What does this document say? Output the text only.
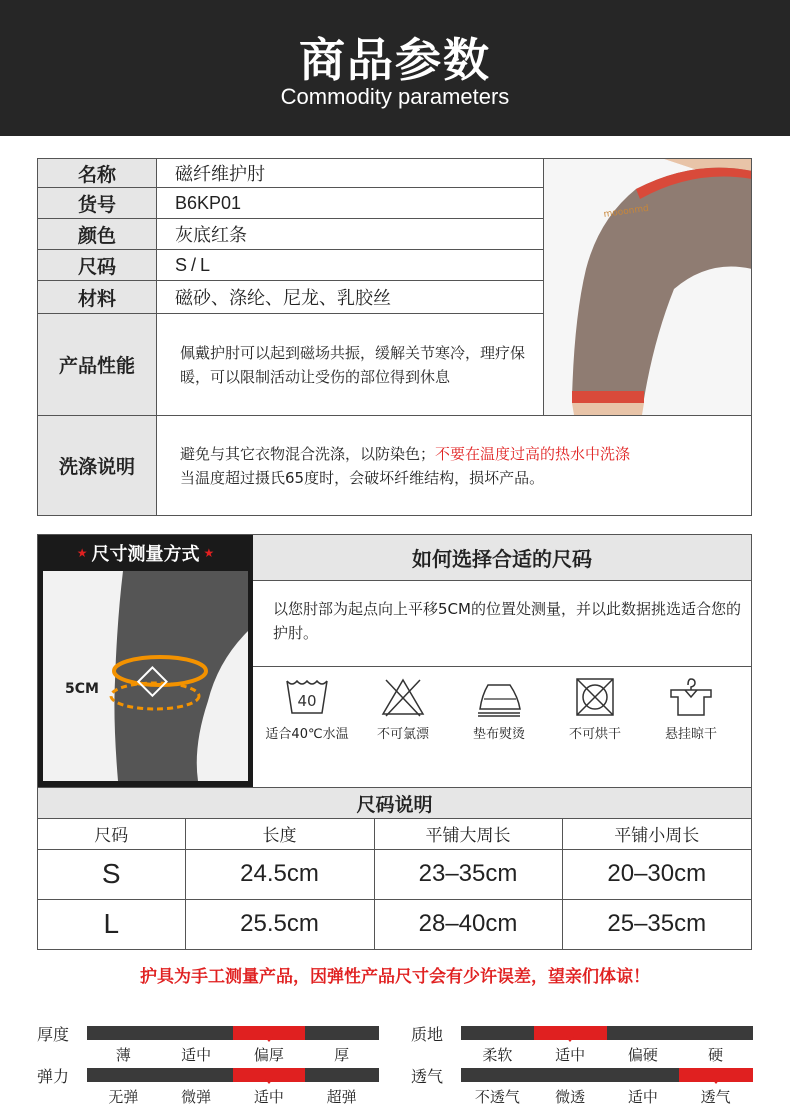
商品参数
Commodity parameters
名称	磁纤维护肘
货号	B6KP01
颜色	灰底红条
尺码	S/L
材料	磁砂、涤纶、尼龙、乳胶丝
产品性能
佩戴护肘可以起到磁场共振，缓解关节寒冷，理疗保暖，可以限制活动让受伤的部位得到休息
mooonmd
洗涤说明
避免与其它衣物混合洗涤，以防染色；不要在温度过高的热水中洗涤
当温度超过摄氏65度时，会破坏纤维结构，损坏产品。
★ 尺寸测量方式 ★
5CM
如何选择合适的尺码
以您肘部为起点向上平移5CM的位置处测量，并以此数据挑选适合您的护肘。
40
适合40℃水温	不可氯漂	垫布熨烫	不可烘干	悬挂晾干
尺码说明
尺码	长度	平铺大周长	平铺小周长
S	24.5cm	23–35cm	20–30cm
L	25.5cm	28–40cm	25–35cm
护具为手工测量产品，因弹性产品尺寸会有少许误差，望亲们体谅！
厚度
薄	适中	偏厚	厚
质地
柔软	适中	偏硬	硬
弹力
无弹	微弹	适中	超弹
透气
不透气	微透	适中	透气
